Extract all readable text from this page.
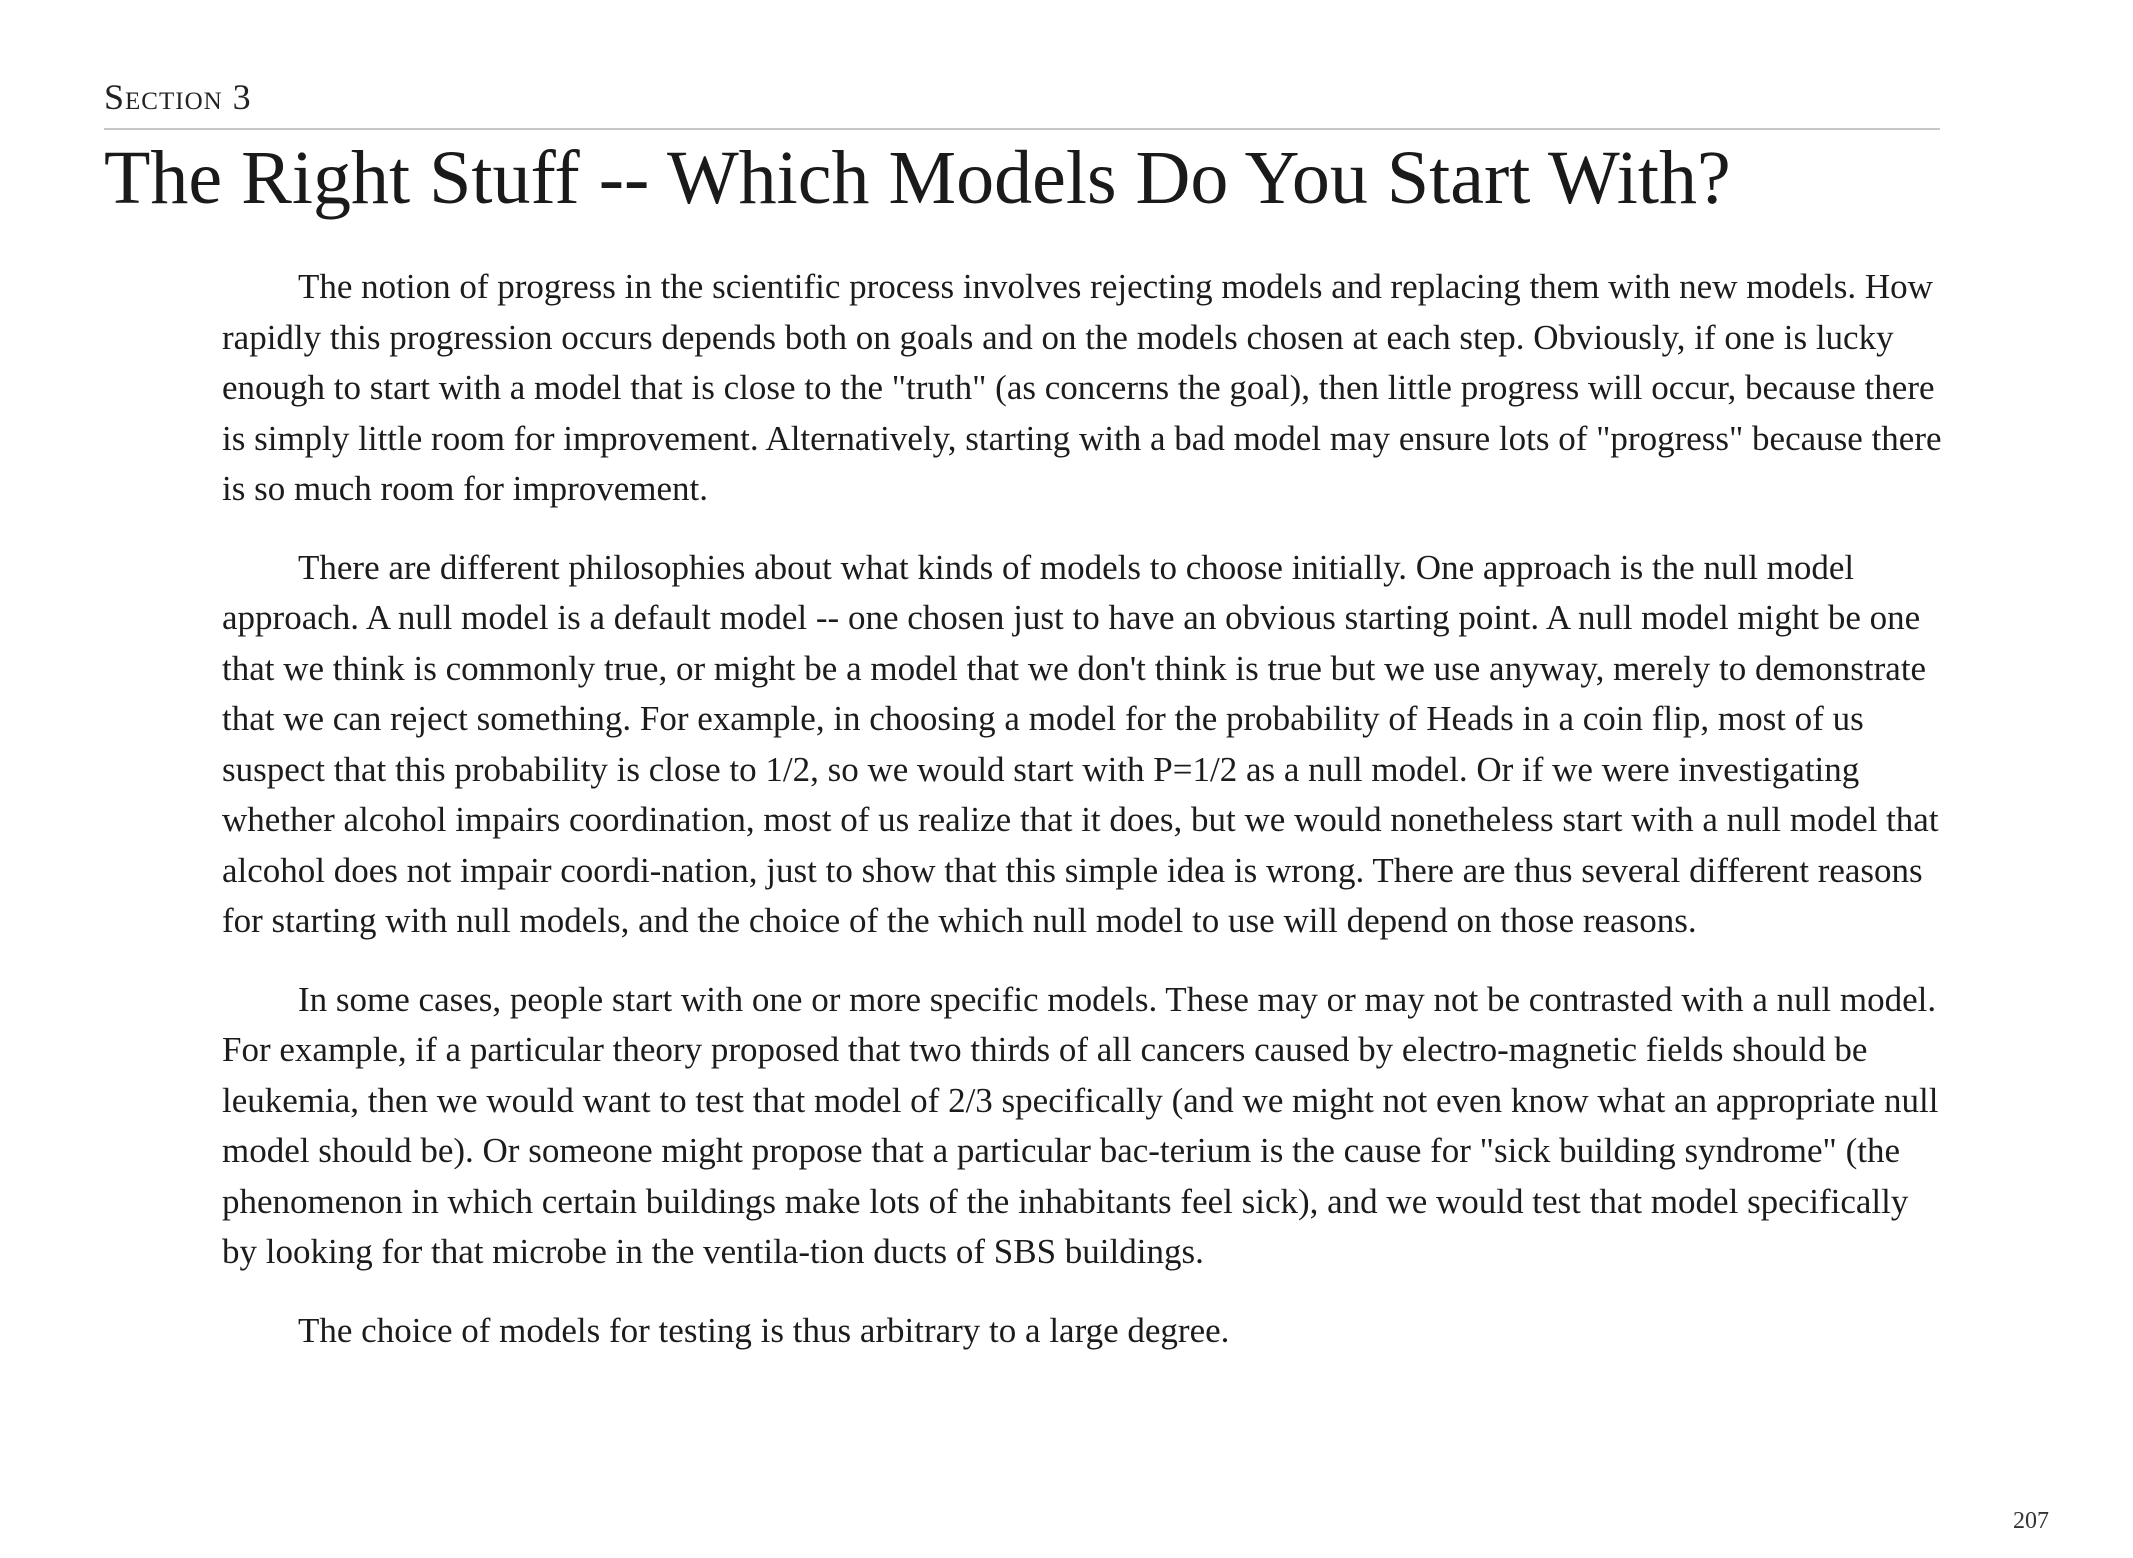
Section 3
The Right Stuff -- Which Models Do You Start With?

The notion of progress in the scientific process involves rejecting models and replacing them with new models. How rapidly this progression occurs depends both on goals and on the models chosen at each step. Obviously, if one is lucky enough to start with a model that is close to the "truth" (as concerns the goal), then little progress will occur, because there is simply little room for improvement. Alternatively, starting with a bad model may ensure lots of "progress" because there is so much room for improvement.

There are different philosophies about what kinds of models to choose initially. One approach is the null model approach. A null model is a default model -- one chosen just to have an obvious starting point. A null model might be one that we think is commonly true, or might be a model that we don't think is true but we use anyway, merely to demonstrate that we can reject something. For example, in choosing a model for the probability of Heads in a coin flip, most of us suspect that this probability is close to 1/2, so we would start with P=1/2 as a null model. Or if we were investigating whether alcohol impairs coordination, most of us realize that it does, but we would nonetheless start with a null model that alcohol does not impair coordi-nation, just to show that this simple idea is wrong. There are thus several different reasons for starting with null models, and the choice of the which null model to use will depend on those reasons.

In some cases, people start with one or more specific models. These may or may not be contrasted with a null model. For example, if a particular theory proposed that two thirds of all cancers caused by electro-magnetic fields should be leukemia, then we would want to test that model of 2/3 specifically (and we might not even know what an appropriate null model should be). Or someone might propose that a particular bac-terium is the cause for "sick building syndrome" (the phenomenon in which certain buildings make lots of the inhabitants feel sick), and we would test that model specifically by looking for that microbe in the ventila-tion ducts of SBS buildings.

The choice of models for testing is thus arbitrary to a large degree.

207
